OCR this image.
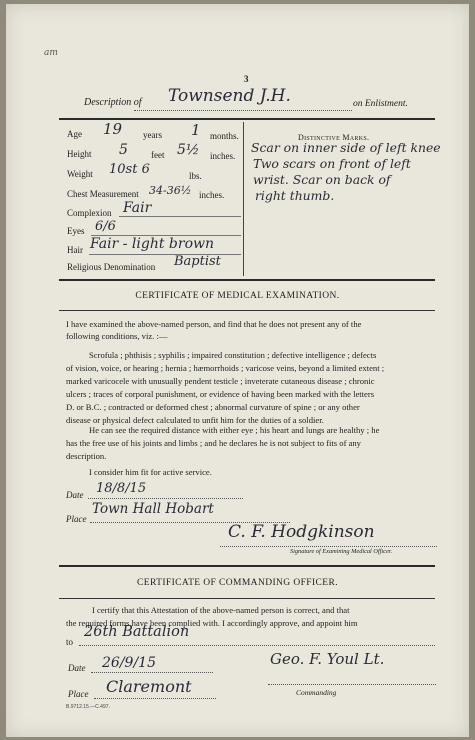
am
3
Description of Townsend J.H.	on Enlistment.
Age 19 years 1 months.
Height 5	feet 5½ inches.
Weight 10st 6	lbs.
Chest Measurement 34-36½ inches.
Complexion Fair
Eyes 6/6
Hair Fair - light brown
Religious Denomination Baptist
Distinctive Marks.
Scar on inner side of left knee
Two scars on front of left
wrist. Scar on back of
right thumb.
CERTIFICATE OF MEDICAL EXAMINATION.
I have examined the above-named person, and find that he does not present any of the
following conditions, viz. :—
Scrofula ; phthisis ; syphilis ; impaired constitution ; defective intelligence ; defects
of vision, voice, or hearing ; hernia ; hæmorrhoids ; varicose veins, beyond a limited extent ;
marked varicocele with unusually pendent testicle ; inveterate cutaneous disease ; chronic
ulcers ; traces of corporal punishment, or evidence of having been marked with the letters
D. or B.C. ; contracted or deformed chest ; abnormal curvature of spine ; or any other
disease or physical defect calculated to unfit him for the duties of a soldier.
He can see the required distance with either eye ; his heart and lungs are healthy ; he
has the free use of his joints and limbs ; and he declares he is not subject to fits of any
description.
I consider him fit for active service.
Date 18/8/15
Place
Town Hall Hobart
C. F. Hodgkinson
Signature of Examining Medical Officer.
CERTIFICATE OF COMMANDING OFFICER.
I certify that this Attestation of the above-named person is correct, and that
the required forms have been complied with. I accordingly approve, and appoint him
to
26th Battalion
Date 26/9/15	Geo. F. Youl Lt.
Place Claremont	Commanding
B.9712.15.—C.497.
